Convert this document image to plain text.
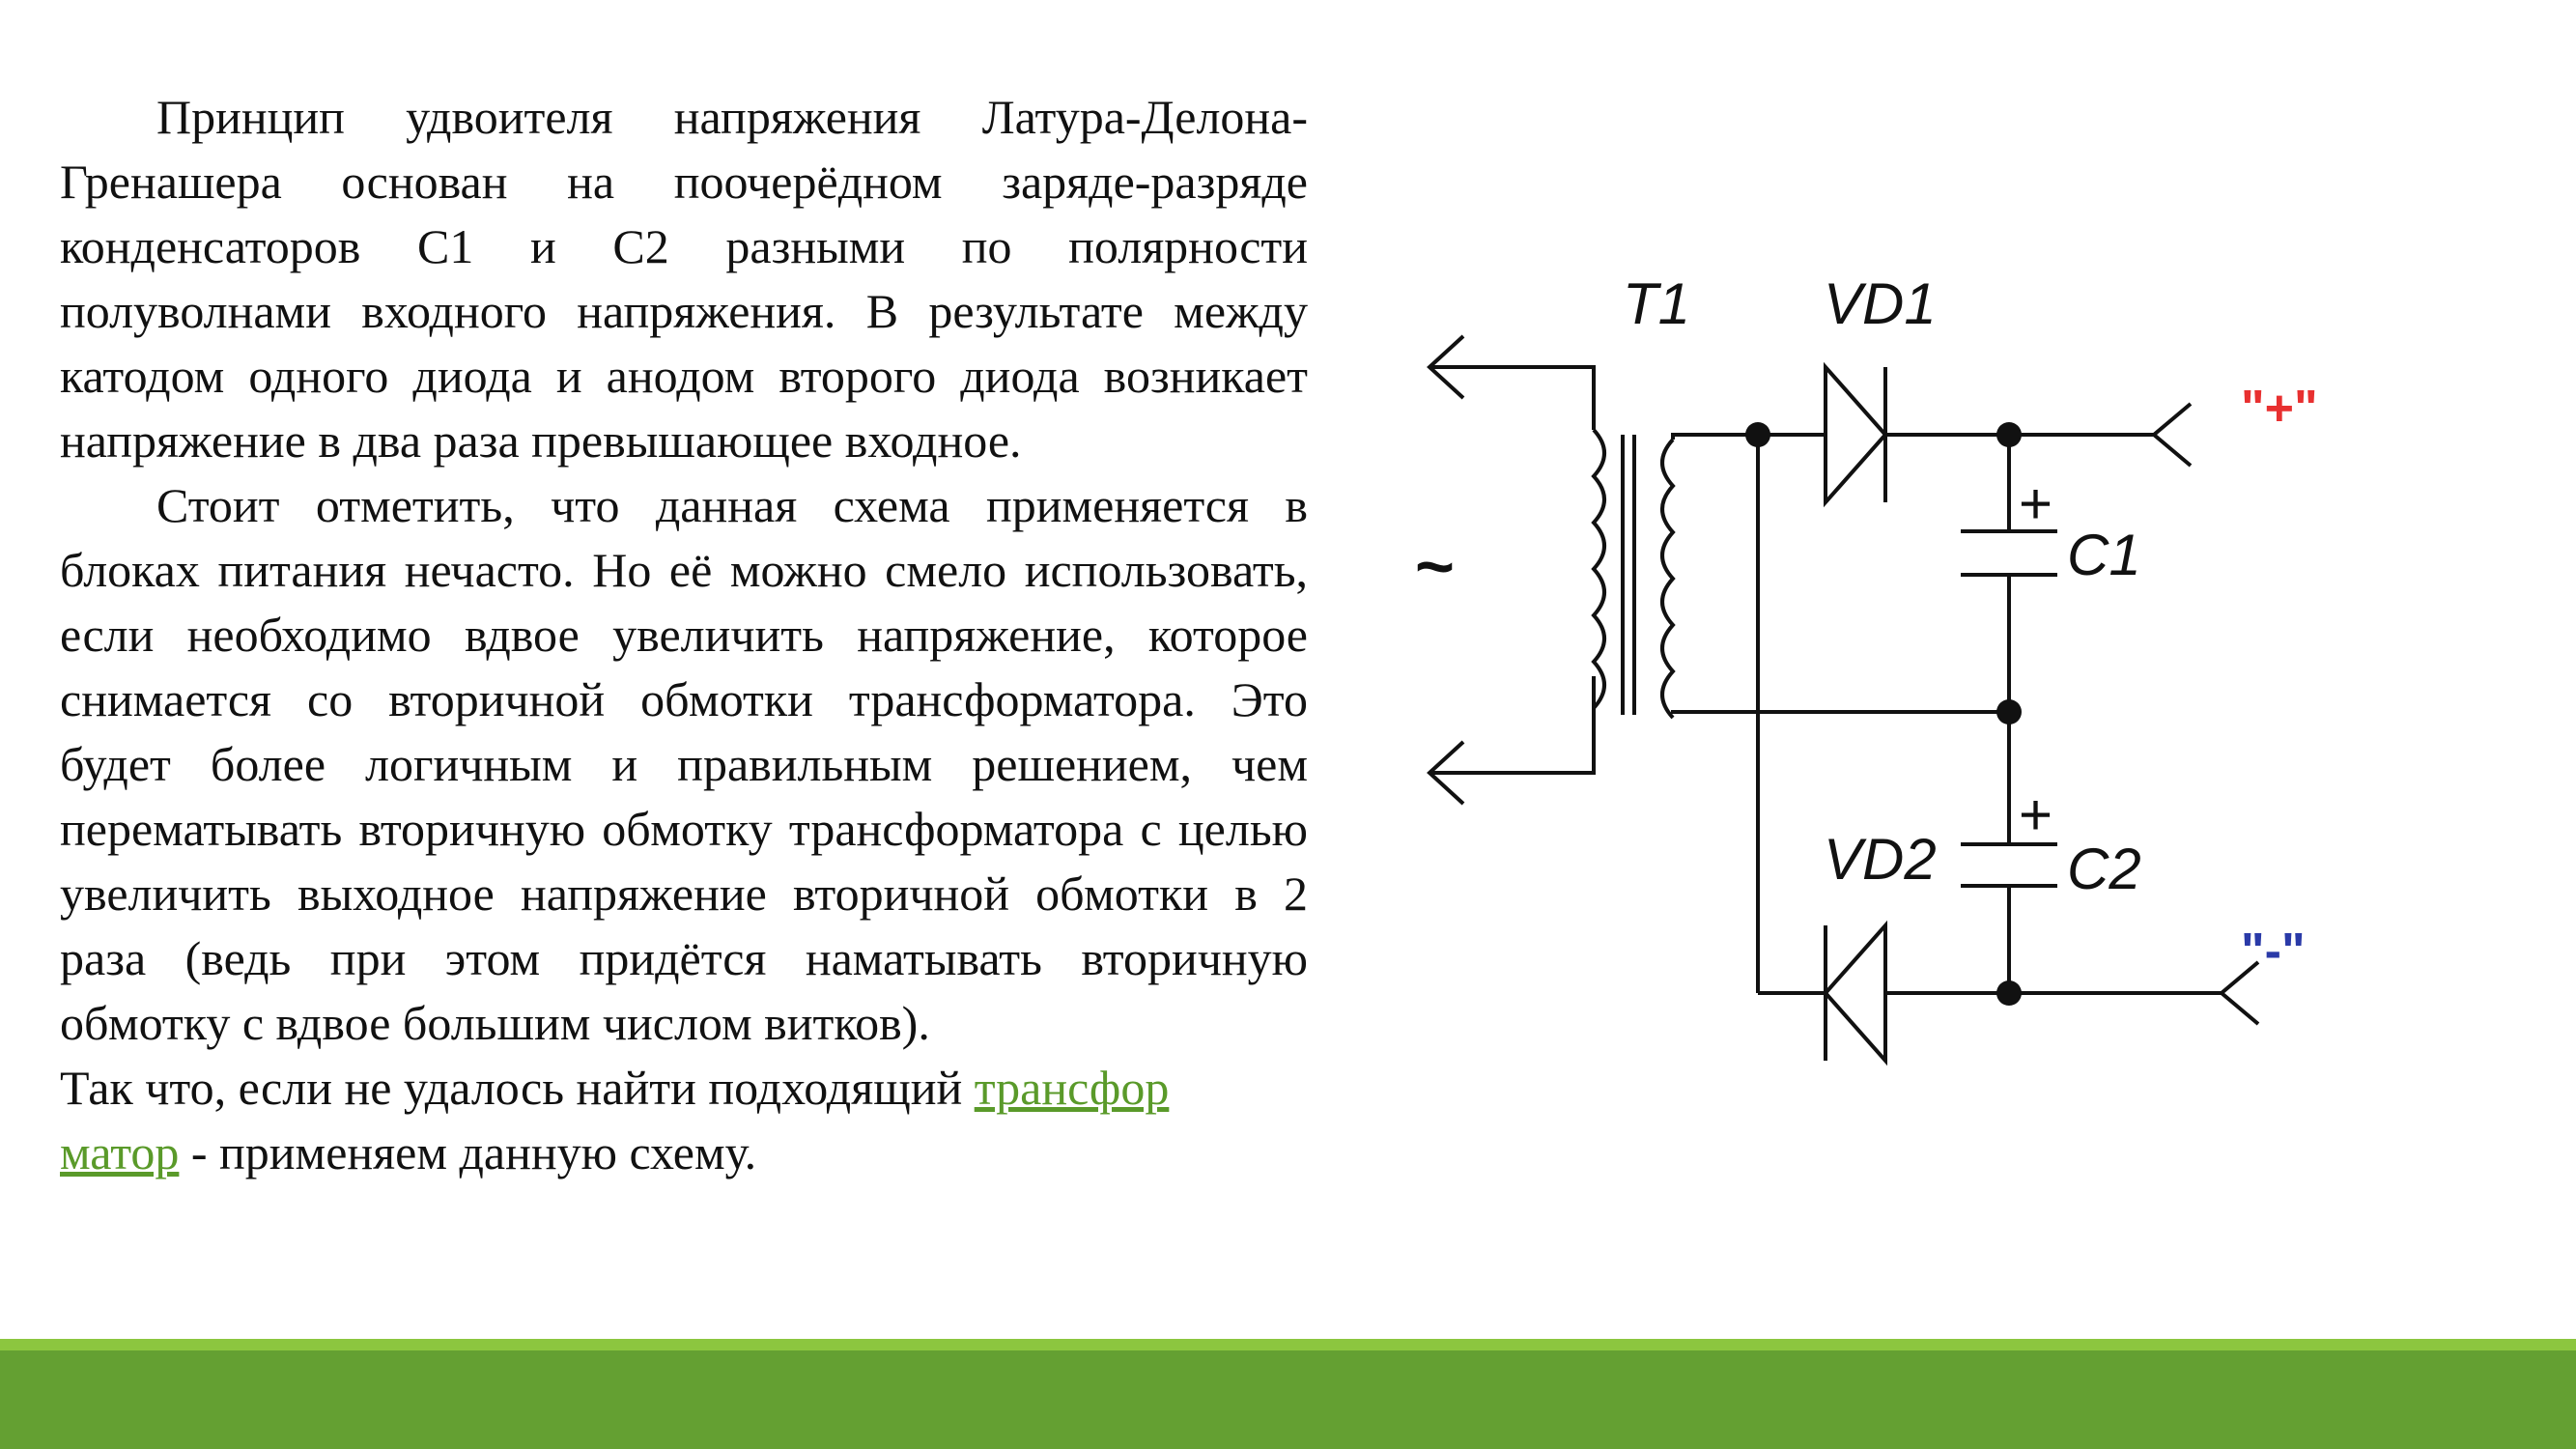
Принцип удвоителя напряжения Латура-Делона-Гренашера основан на поочерёдном заряде-разряде конденсаторов С1 и С2 разными по полярности полуволнами входного напряжения. В результате между катодом одного диода и анодом второго диода возникает напряжение в два раза превышающее входное.

Стоит отметить, что данная схема применяется в блоках питания нечасто. Но её можно смело использовать, если необходимо вдвое увеличить напряжение, которое снимается со вторичной обмотки трансформатора. Это будет более логичным и правильным решением, чем перематывать вторичную обмотку трансформатора с целью увеличить выходное напряжение вторичной обмотки в 2 раза (ведь при этом придётся наматывать вторичную обмотку с вдвое большим числом витков).

Так что, если не удалось найти подходящий трансфор
матор - применяем данную схему.

~
T1 VD1
VD2
+
C1
+
C2
"+"
"-"
